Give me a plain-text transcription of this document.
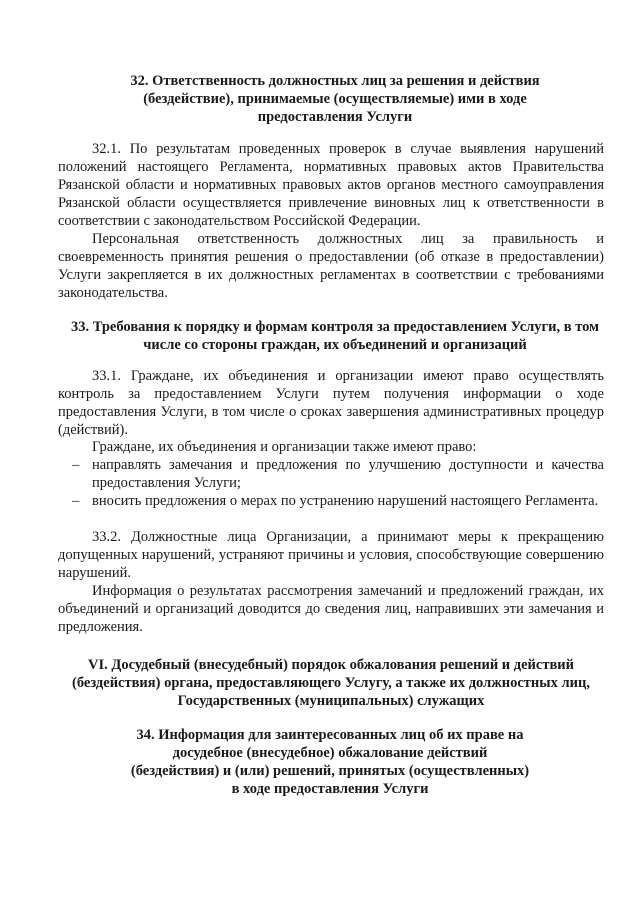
32. Ответственность должностных лиц за решения и действия (бездействие), принимаемые (осуществляемые) ими в ходе предоставления Услуги
32.1. По результатам проведенных проверок в случае выявления нарушений положений настоящего Регламента, нормативных правовых актов Правительства Рязанской области и нормативных правовых актов органов местного самоуправления Рязанской области осуществляется привлечение виновных лиц к ответственности в соответствии с законодательством Российской Федерации.
Персональная ответственность должностных лиц за правильность и своевременность принятия решения о предоставлении (об отказе в предоставлении) Услуги закрепляется в их должностных регламентах в соответствии с требованиями законодательства.
33. Требования к порядку и формам контроля за предоставлением Услуги, в том числе со стороны граждан, их объединений и организаций
33.1. Граждане, их объединения и организации имеют право осуществлять контроль за предоставлением Услуги путем получения информации о ходе предоставления Услуги, в том числе о сроках завершения административных процедур (действий).
Граждане, их объединения и организации также имеют право:
– направлять замечания и предложения по улучшению доступности и качества предоставления Услуги;
– вносить предложения о мерах по устранению нарушений настоящего Регламента.
33.2. Должностные лица Организации, а принимают меры к прекращению допущенных нарушений, устраняют причины и условия, способствующие совершению нарушений.
Информация о результатах рассмотрения замечаний и предложений граждан, их объединений и организаций доводится до сведения лиц, направивших эти замечания и предложения.
VI. Досудебный (внесудебный) порядок обжалования решений и действий (бездействия) органа, предоставляющего Услугу, а также их должностных лиц, Государственных (муниципальных) служащих
34. Информация для заинтересованных лиц об их праве на досудебное (внесудебное) обжалование действий (бездействия) и (или) решений, принятых (осуществленных) в ходе предоставления Услуги
